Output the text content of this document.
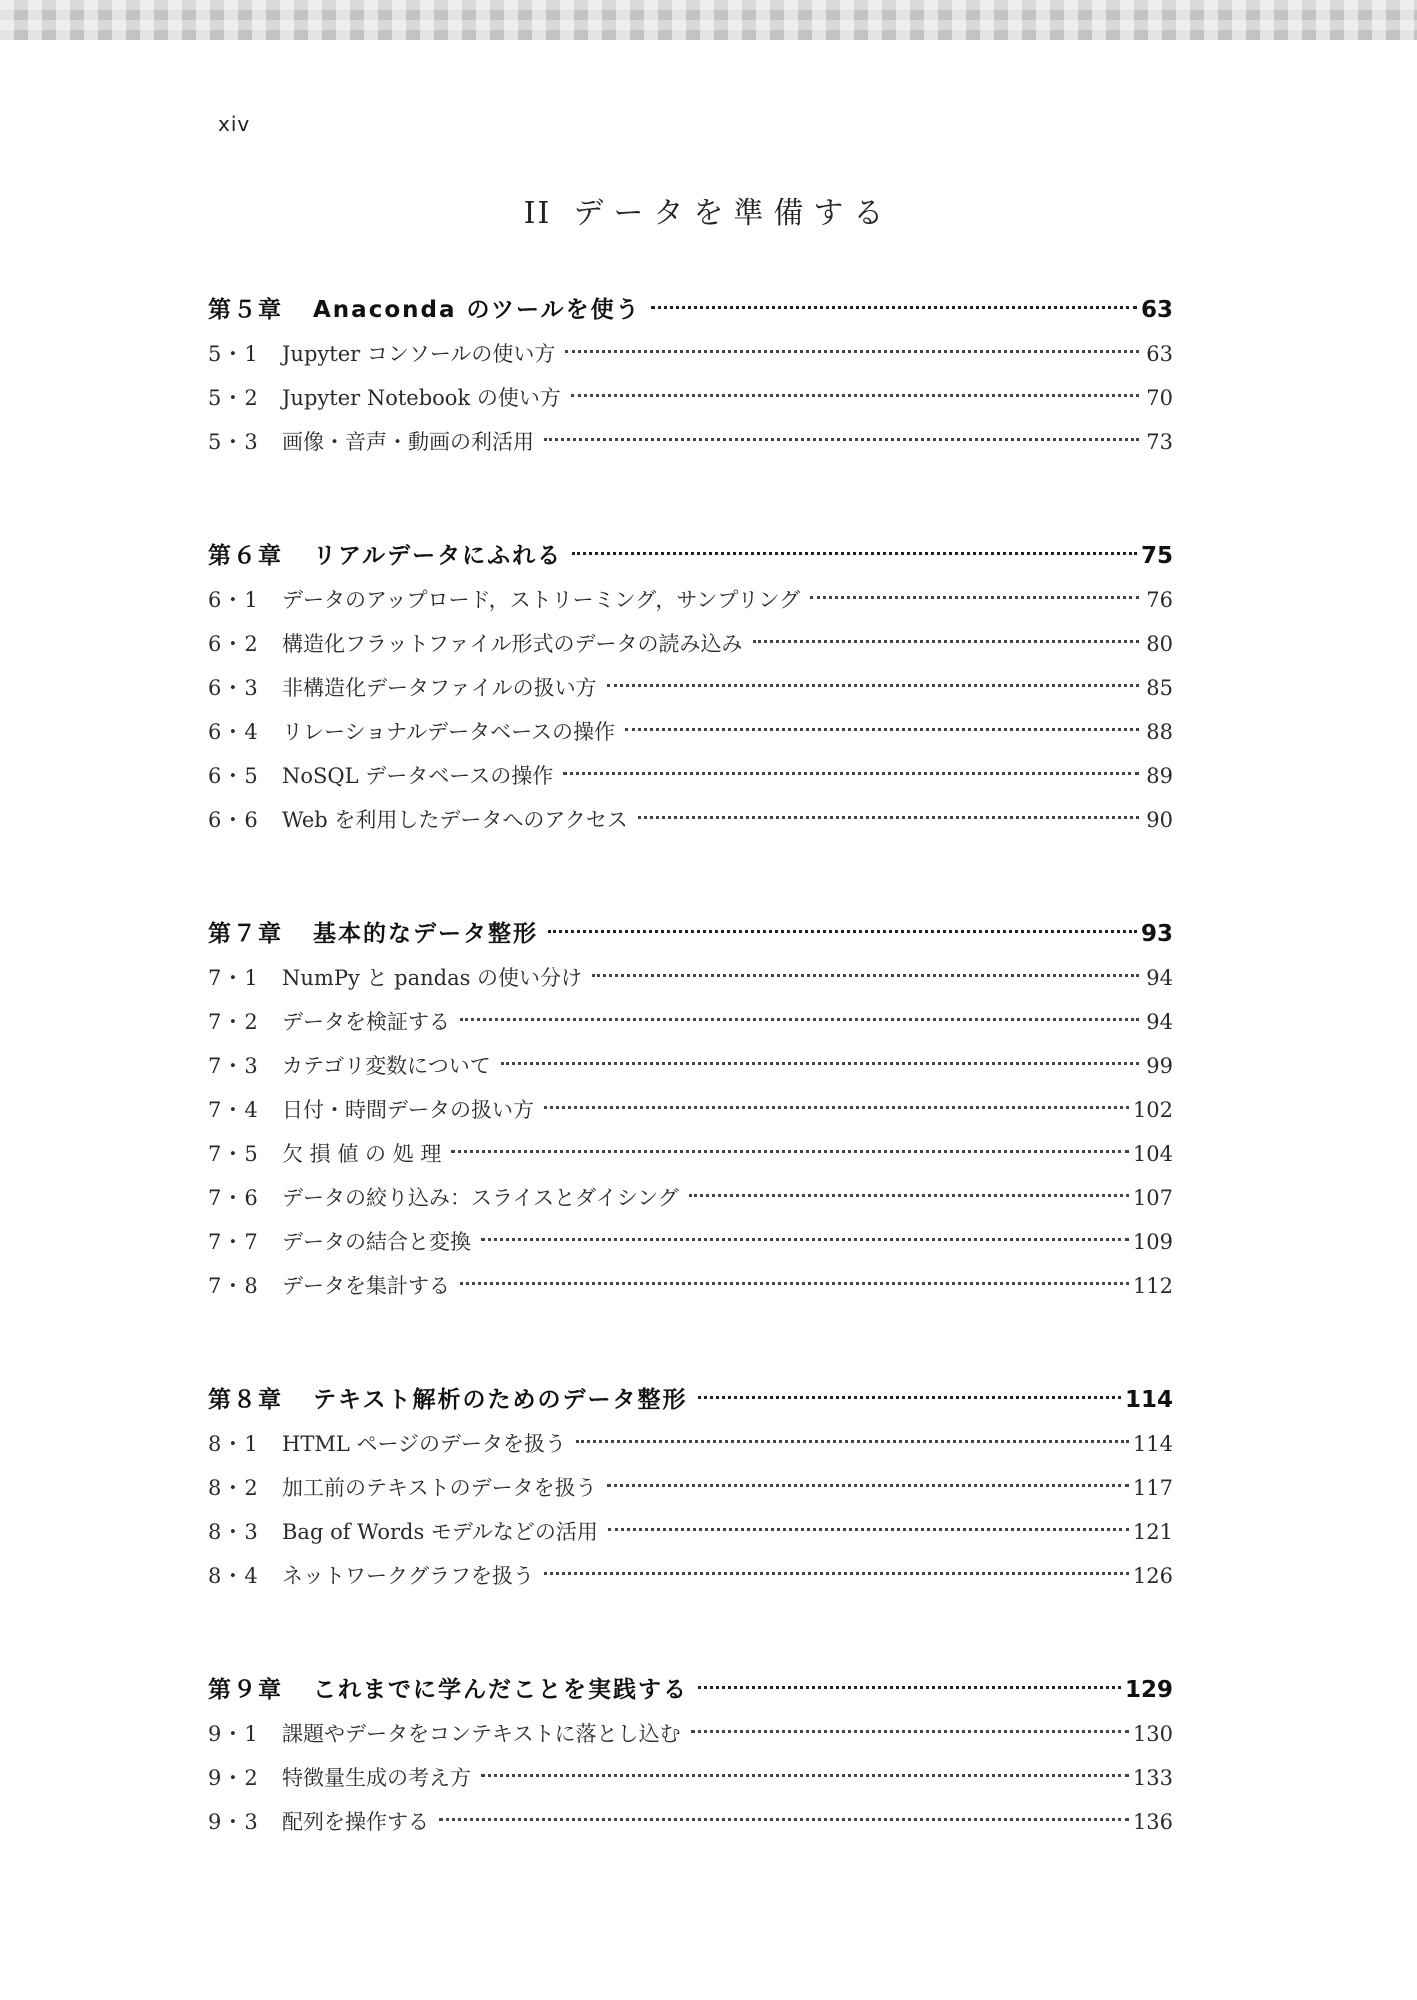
xiv
II データを準備する
第５章	Anaconda のツールを使う	63
5・1	Jupyter コンソールの使い方	63
5・2	Jupyter Notebook の使い方	70
5・3	画像・音声・動画の利活用	73
第６章	リアルデータにふれる	75
6・1	データのアップロード，ストリーミング，サンプリング	76
6・2	構造化フラットファイル形式のデータの読み込み	80
6・3	非構造化データファイルの扱い方	85
6・4	リレーショナルデータベースの操作	88
6・5	NoSQL データベースの操作	89
6・6	Web を利用したデータへのアクセス	90
第７章	基本的なデータ整形	93
7・1	NumPy と pandas の使い分け	94
7・2	データを検証する	94
7・3	カテゴリ変数について	99
7・4	日付・時間データの扱い方	102
7・5	欠 損 値 の 処 理	104
7・6	データの絞り込み：スライスとダイシング	107
7・7	データの結合と変換	109
7・8	データを集計する	112
第８章	テキスト解析のためのデータ整形	114
8・1	HTML ページのデータを扱う	114
8・2	加工前のテキストのデータを扱う	117
8・3	Bag of Words モデルなどの活用	121
8・4	ネットワークグラフを扱う	126
第９章	これまでに学んだことを実践する	129
9・1	課題やデータをコンテキストに落とし込む	130
9・2	特徴量生成の考え方	133
9・3	配列を操作する	136
